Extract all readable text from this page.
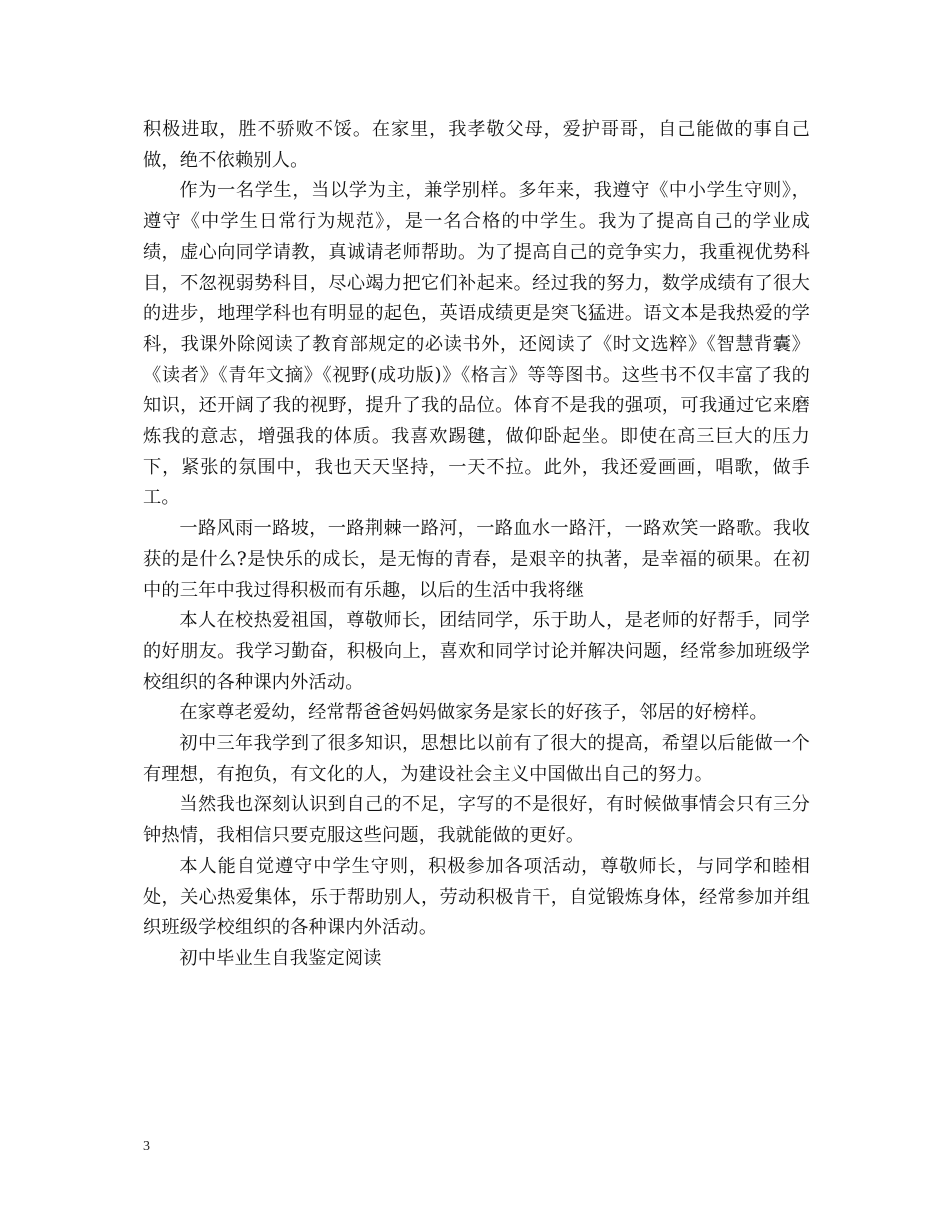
积极进取，胜不骄败不馁。在家里，我孝敬父母，爱护哥哥，自己能做的事自己做，绝不依赖别人。

作为一名学生，当以学为主，兼学别样。多年来，我遵守《中小学生守则》，遵守《中学生日常行为规范》，是一名合格的中学生。我为了提高自己的学业成绩，虚心向同学请教，真诚请老师帮助。为了提高自己的竞争实力，我重视优势科目，不忽视弱势科目，尽心竭力把它们补起来。经过我的努力，数学成绩有了很大的进步，地理学科也有明显的起色，英语成绩更是突飞猛进。语文本是我热爱的学科，我课外除阅读了教育部规定的必读书外，还阅读了《时文选粹》《智慧背囊》《读者》《青年文摘》《视野(成功版)》《格言》等等图书。这些书不仅丰富了我的知识，还开阔了我的视野，提升了我的品位。体育不是我的强项，可我通过它来磨炼我的意志，增强我的体质。我喜欢踢毽，做仰卧起坐。即使在高三巨大的压力下，紧张的氛围中，我也天天坚持，一天不拉。此外，我还爱画画，唱歌，做手工。

一路风雨一路坡，一路荆棘一路河，一路血水一路汗，一路欢笑一路歌。我收获的是什么?是快乐的成长，是无悔的青春，是艰辛的执著，是幸福的硕果。在初中的三年中我过得积极而有乐趣，以后的生活中我将继

本人在校热爱祖国，尊敬师长，团结同学，乐于助人，是老师的好帮手，同学的好朋友。我学习勤奋，积极向上，喜欢和同学讨论并解决问题，经常参加班级学校组织的各种课内外活动。

在家尊老爱幼，经常帮爸爸妈妈做家务是家长的好孩子，邻居的好榜样。

初中三年我学到了很多知识，思想比以前有了很大的提高，希望以后能做一个有理想，有抱负，有文化的人，为建设社会主义中国做出自己的努力。

当然我也深刻认识到自己的不足，字写的不是很好，有时候做事情会只有三分钟热情，我相信只要克服这些问题，我就能做的更好。

本人能自觉遵守中学生守则，积极参加各项活动，尊敬师长，与同学和睦相处，关心热爱集体，乐于帮助别人，劳动积极肯干，自觉锻炼身体，经常参加并组织班级学校组织的各种课内外活动。

初中毕业生自我鉴定阅读

3
